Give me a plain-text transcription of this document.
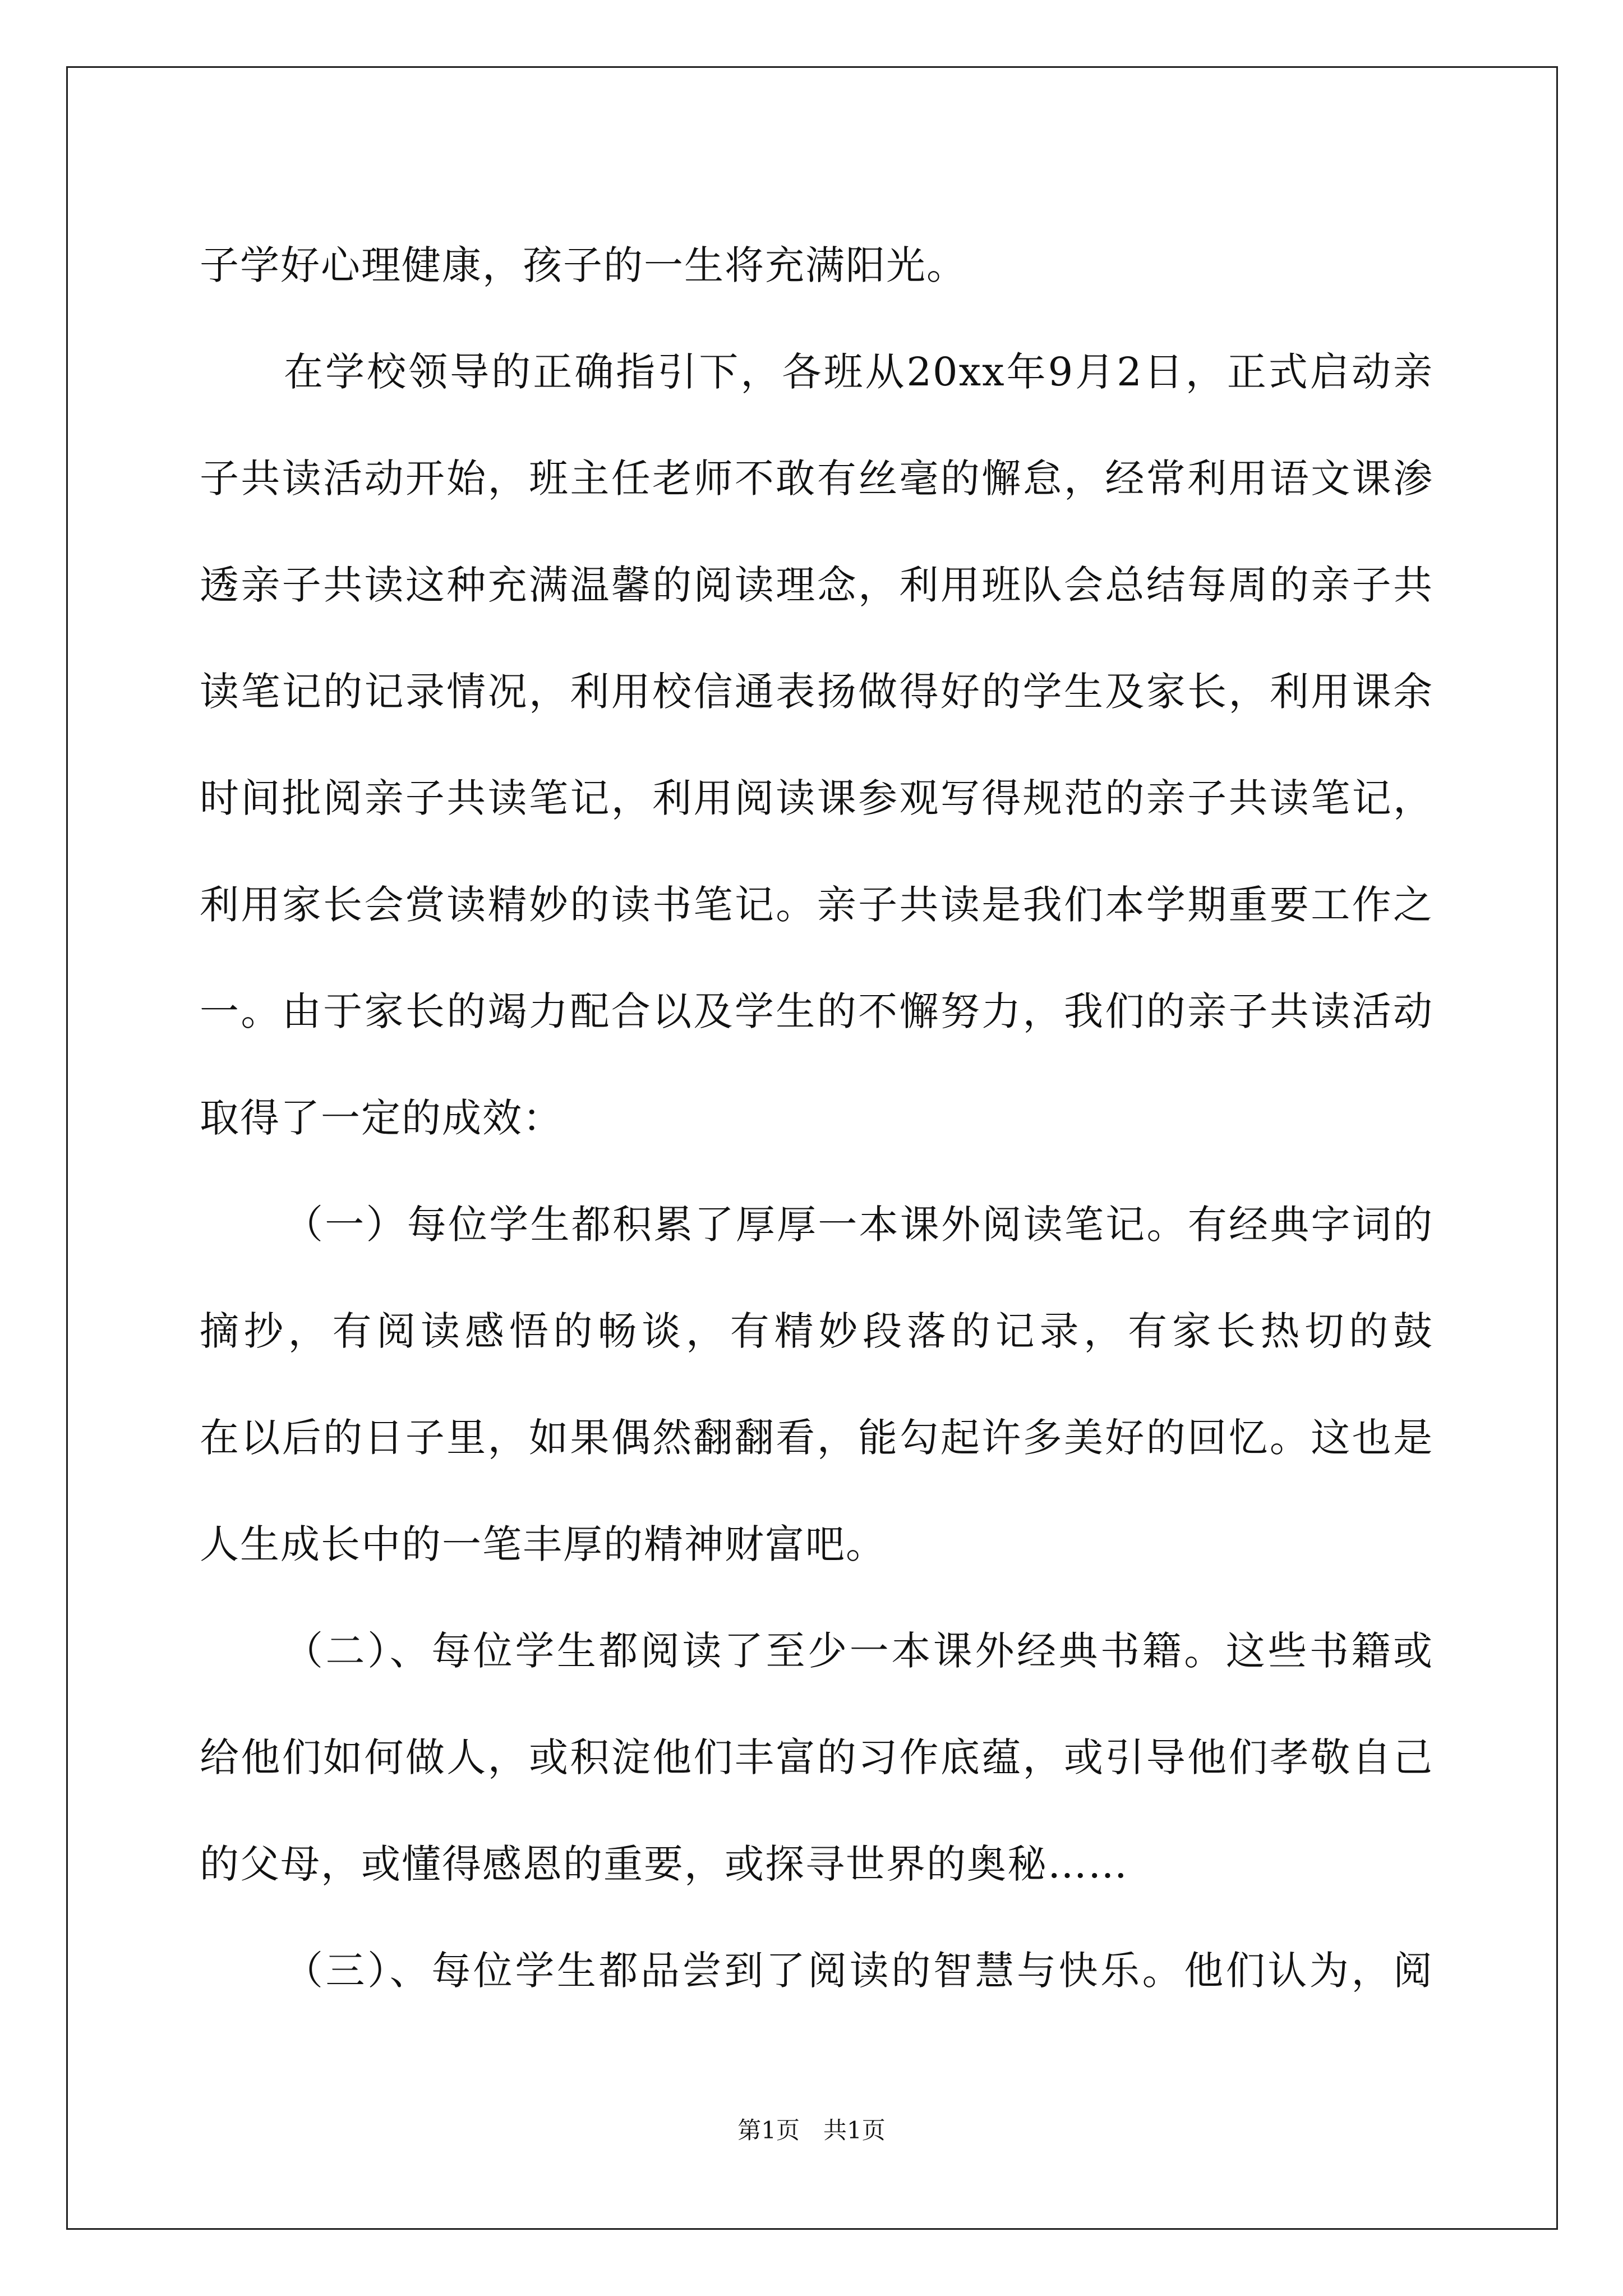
子学好心理健康，孩子的一生将充满阳光。
在学校领导的正确指引下，各班从20xx年9月2日，正式启动亲
子共读活动开始，班主任老师不敢有丝毫的懈怠，经常利用语文课渗
透亲子共读这种充满温馨的阅读理念，利用班队会总结每周的亲子共
读笔记的记录情况，利用校信通表扬做得好的学生及家长，利用课余
时间批阅亲子共读笔记，利用阅读课参观写得规范的亲子共读笔记，
利用家长会赏读精妙的读书笔记。亲子共读是我们本学期重要工作之
一。由于家长的竭力配合以及学生的不懈努力，我们的亲子共读活动
取得了一定的成效：
（一）每位学生都积累了厚厚一本课外阅读笔记。有经典字词的
摘抄，有阅读感悟的畅谈，有精妙段落的记录，有家长热切的鼓
在以后的日子里，如果偶然翻翻看，能勾起许多美好的回忆。这也是
人生成长中的一笔丰厚的精神财富吧。
（二）、每位学生都阅读了至少一本课外经典书籍。这些书籍或
给他们如何做人，或积淀他们丰富的习作底蕴，或引导他们孝敬自己
的父母，或懂得感恩的重要，或探寻世界的奥秘……
（三）、每位学生都品尝到了阅读的智慧与快乐。他们认为，阅
第1页　共1页
